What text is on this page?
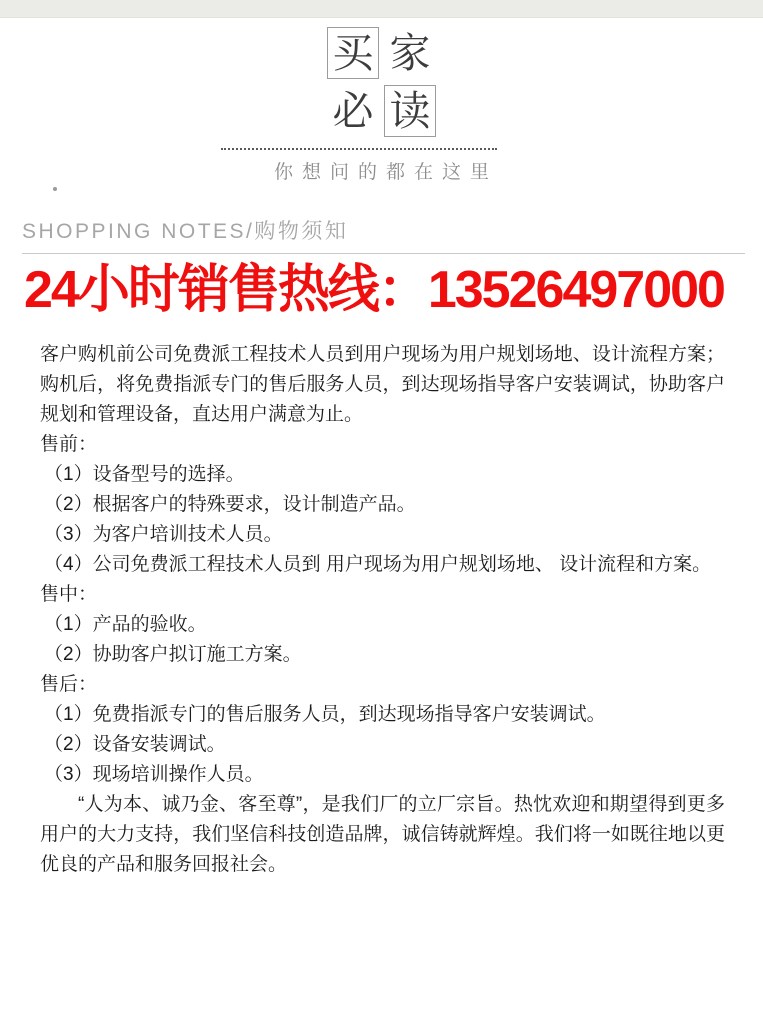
买 家
必 读
你想问的都在这里
SHOPPING NOTES/购物须知
24小时销售热线：13526497000
客户购机前公司免费派工程技术人员到用户现场为用户规划场地、设计流程方案；购机后，将免费指派专门的售后服务人员，到达现场指导客户安装调试，协助客户规划和管理设备，直达用户满意为止。
售前：
（1） 设备型号的选择。
（2） 根据客户的特殊要求，设计制造产品。
（3） 为客户培训技术人员。
（4） 公司免费派工程技术人员到 用户现场为用户规划场地、 设计流程和方案。
售中：
（1） 产品的验收。
（2） 协助客户拟订施工方案。
售后：
（1） 免费指派专门的售后服务人员，到达现场指导客户安装调试。
（2） 设备安装调试。
（3） 现场培训操作人员。
“人为本、诚乃金、客至尊”，是我们厂的立厂宗旨。热忱欢迎和期望得到更多用户的大力支持，我们坚信科技创造品牌，诚信铸就辉煌。我们将一如既往地以更优良的产品和服务回报社会。
